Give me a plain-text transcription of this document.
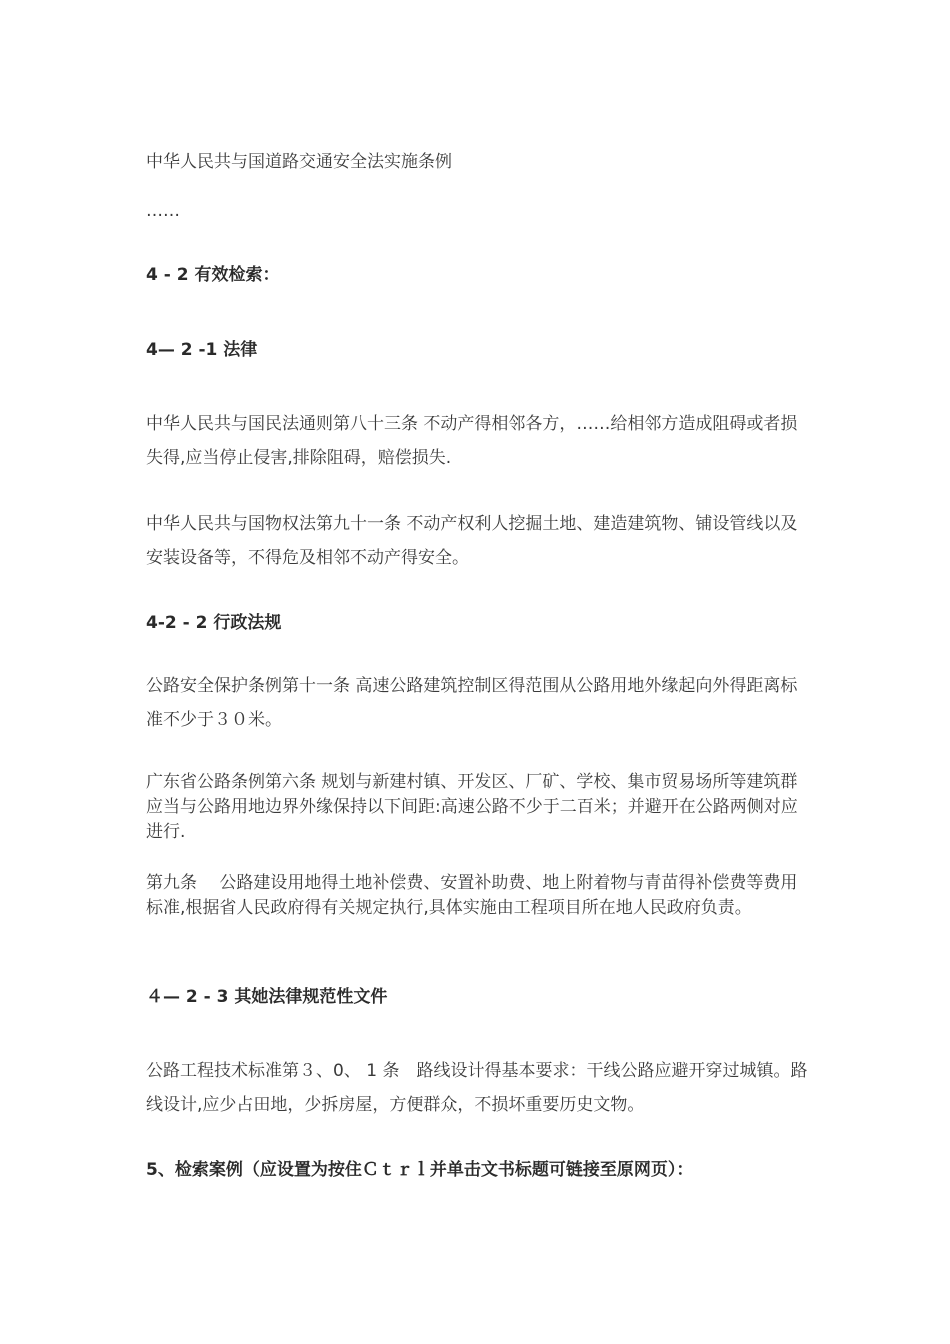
中华人民共与国道路交通安全法实施条例

……

4 - 2 有效检索：

4— 2 -1 法律

中华人民共与国民法通则第八十三条 不动产得相邻各方，……给相邻方造成阻碍或者损失得,应当停止侵害,排除阻碍，赔偿损失.

中华人民共与国物权法第九十一条 不动产权利人挖掘土地、建造建筑物、铺设管线以及安装设备等，不得危及相邻不动产得安全。

4-2 - 2 行政法规

公路安全保护条例第十一条 高速公路建筑控制区得范围从公路用地外缘起向外得距离标准不少于３０米。

广东省公路条例第六条 规划与新建村镇、开发区、厂矿、学校、集市贸易场所等建筑群应当与公路用地边界外缘保持以下间距:高速公路不少于二百米；并避开在公路两侧对应进行.

第九条　 公路建设用地得土地补偿费、安置补助费、地上附着物与青苗得补偿费等费用标准,根据省人民政府得有关规定执行,具体实施由工程项目所在地人民政府负责。

４— 2 - 3 其她法律规范性文件

公路工程技术标准第３、0、 1 条　路线设计得基本要求：干线公路应避开穿过城镇。路线设计,应少占田地，少拆房屋，方便群众，不损坏重要历史文物。

5、检索案例（应设置为按住Ｃｔｒｌ并单击文书标题可链接至原网页）：
